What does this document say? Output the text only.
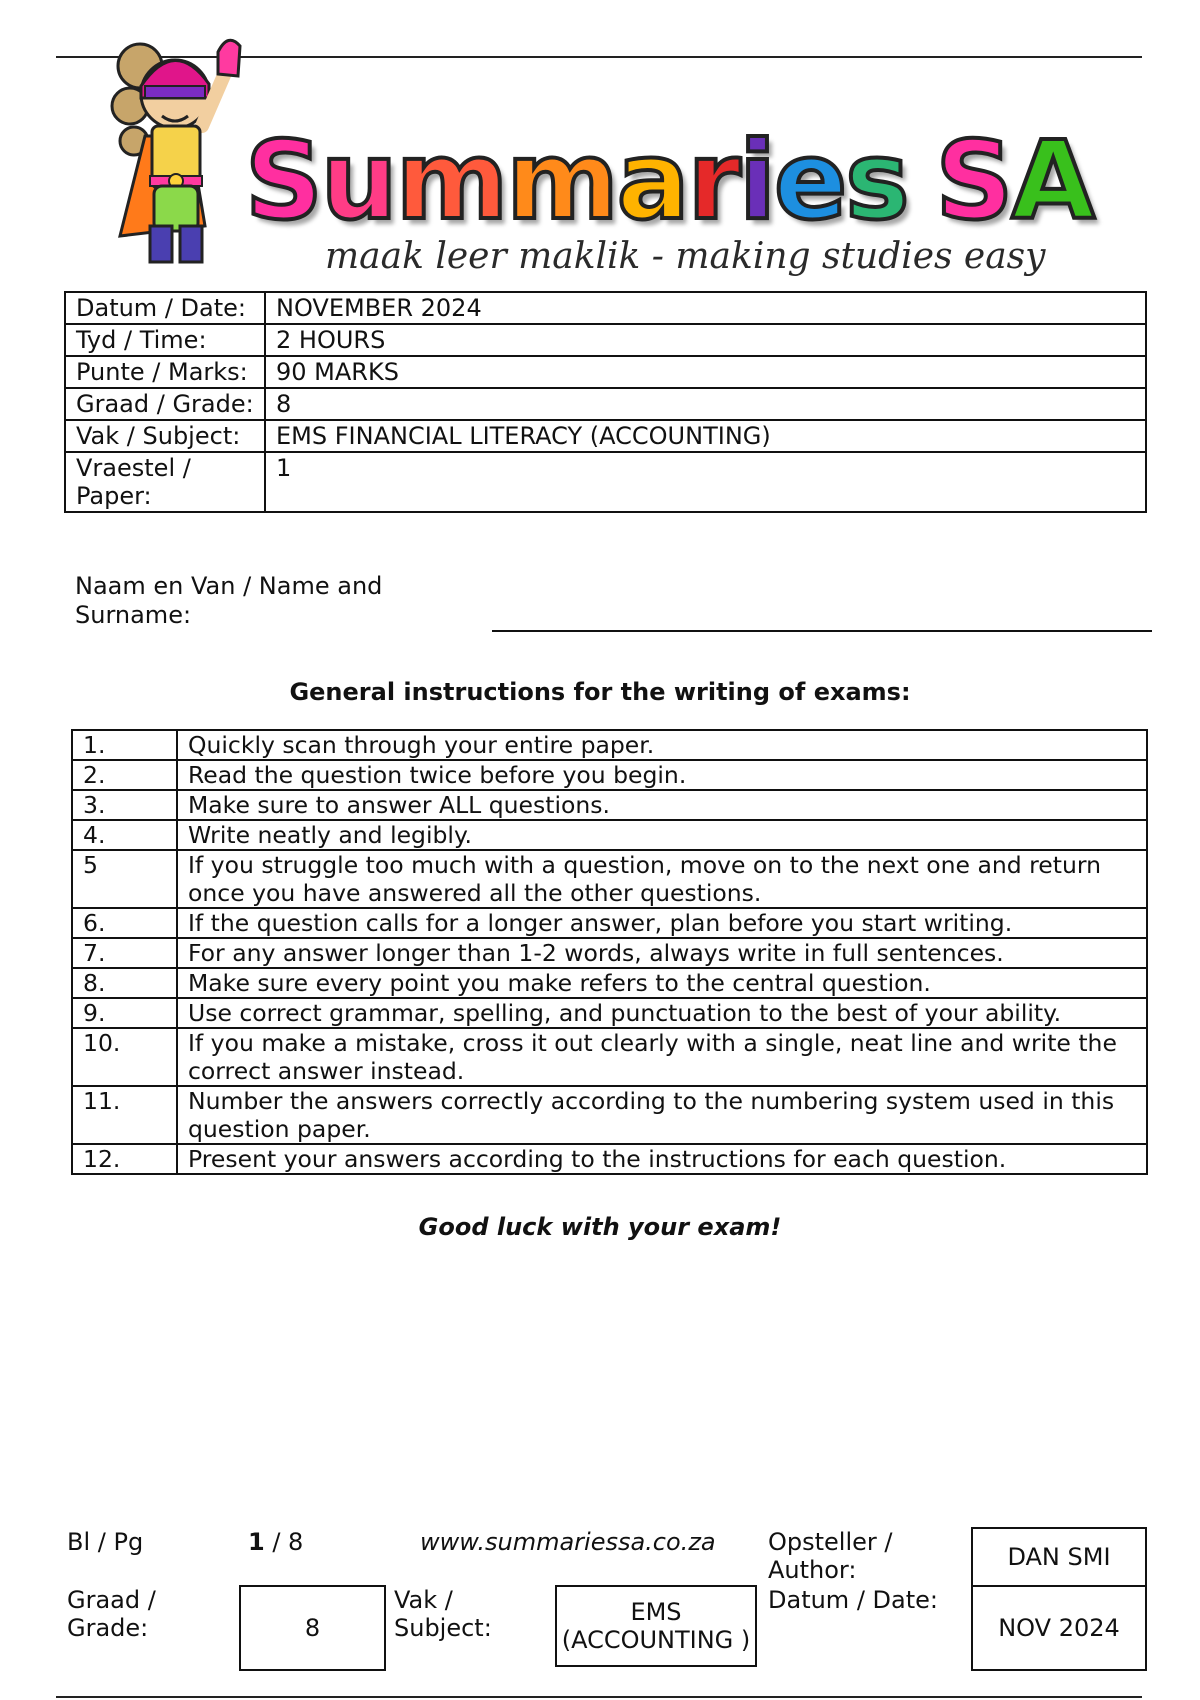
S u m m a r i e s
S A
maak leer maklik - making studies easy
Datum / Date:	NOVEMBER 2024
Tyd / Time:	2 HOURS
Punte / Marks:	90 MARKS
Graad / Grade:	8
Vak / Subject:	EMS FINANCIAL LITERACY (ACCOUNTING)
Vraestel / Paper:	1
Naam en Van / Name and Surname:
General instructions for the writing of exams:
1.	Quickly scan through your entire paper.
2.	Read the question twice before you begin.
3.	Make sure to answer ALL questions.
4.	Write neatly and legibly.
5	If you struggle too much with a question, move on to the next one and return once you have answered all the other questions.
6.	If the question calls for a longer answer, plan before you start writing.
7.	For any answer longer than 1-2 words, always write in full sentences.
8.	Make sure every point you make refers to the central question.
9.	Use correct grammar, spelling, and punctuation to the best of your ability.
10.	If you make a mistake, cross it out clearly with a single, neat line and write the correct answer instead.
11.	Number the answers correctly according to the numbering system used in this question paper.
12.	Present your answers according to the instructions for each question.
Good luck with your exam!
Bl / Pg	1 / 8	www.summariessa.co.za Opsteller / Author:	DAN SMI
Graad / Grade:	8
Vak / Subject:
EMS (ACCOUNTING )
Datum / Date:
NOV 2024
